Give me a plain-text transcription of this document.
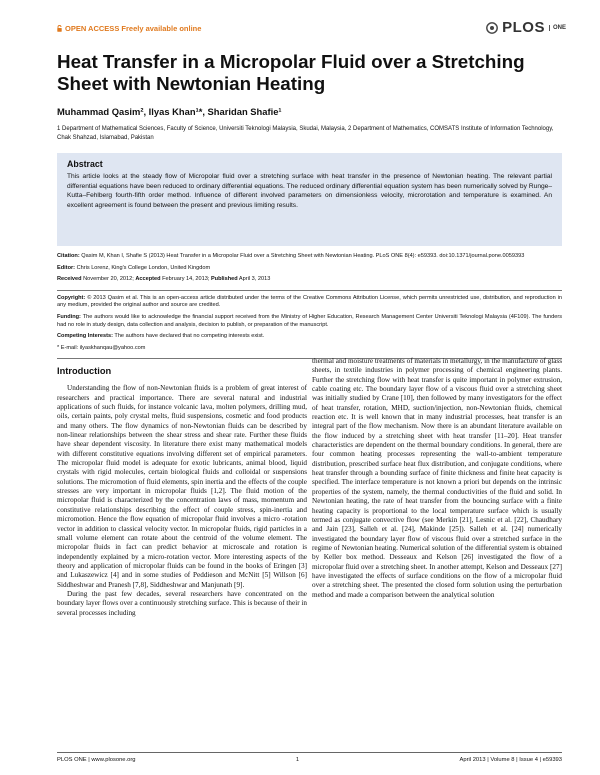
OPEN ACCESS Freely available online	PLOS	ONE
Heat Transfer in a Micropolar Fluid over a Stretching Sheet with Newtonian Heating
Muhammad Qasim², Ilyas Khan¹*, Sharidan Shafie¹
1 Department of Mathematical Sciences, Faculty of Science, Universiti Teknologi Malaysia, Skudai, Malaysia, 2 Department of Mathematics, COMSATS Institute of Information Technology, Chak Shahzad, Islamabad, Pakistan
Abstract

This article looks at the steady flow of Micropolar fluid over a stretching surface with heat transfer in the presence of Newtonian heating. The relevant partial differential equations have been reduced to ordinary differential equations. The reduced ordinary differential equation system has been numerically solved by Runge–Kutta–Fehlberg fourth-fifth order method. Influence of different involved parameters on dimensionless velocity, microrotation and temperature is examined. An excellent agreement is found between the present and previous limiting results.

Citation: Qasim M, Khan I, Shafie S (2013) Heat Transfer in a Micropolar Fluid over a Stretching Sheet with Newtonian Heating. PLoS ONE 8(4): e59393. doi:10.1371/journal.pone.0059393
Editor: Chris Lorenz, King's College London, United Kingdom
Received November 20, 2012; Accepted February 14, 2013; Published April 3, 2013
Copyright: © 2013 Qasim et al. This is an open-access article distributed under the terms of the Creative Commons Attribution License, which permits unrestricted use, distribution, and reproduction in any medium, provided the original author and source are credited.
Funding: The authors would like to acknowledge the financial support received from the Ministry of Higher Education, Research Management Center Universiti Teknologi Malaysia (4F109). The funders had no role in study design, data collection and analysis, decision to publish, or preparation of the manuscript.
Competing Interests: The authors have declared that no competing interests exist.
* E-mail: ilyaskhanqau@yahoo.com
Introduction

Understanding the flow of non-Newtonian fluids is a problem of great interest of researchers and practical importance. There are several natural and industrial applications of such fluids, for instance volcanic lava, molten polymers, drilling mud, oils, certain paints, poly crystal melts, fluid suspensions, cosmetic and food products and many others. The flow dynamics of non-Newtonian fluids can be described by non-linear relationships between the shear stress and shear rate. Further these fluids have shear dependent viscosity. In literature there exist many mathematical models with different constitutive equations involving different set of empirical parameters. The micropolar fluid model is adequate for exotic lubricants, animal blood, liquid crystals with rigid molecules, certain biological fluids and colloidal or suspensions solutions. The micromotion of fluid elements, spin inertia and the effects of the couple stresses are very important in micropolar fluids [1,2]. The fluid motion of the micropolar fluid is characterized by the concentration laws of mass, momentum and constitutive relationships describing the effect of couple stress, spin-inertia and micromotion. Hence the flow equation of micropolar fluid involves a micro -rotation vector in addition to classical velocity vector. In micropolar fluids, rigid particles in a small volume element can rotate about the centroid of the volume element. The micropolar fluids in fact can predict behavior at microscale and rotation is independently explained by a micro-rotation vector. More interesting aspects of the theory and application of micropolar fluids can be found in the books of Eringen [3] and Lukaszewicz [4] and in some studies of Peddieson and McNitt [5] Willson [6] Siddheshwar and Pranesh [7,8], Siddheshwar and Manjunath [9].

During the past few decades, several researchers have concentrated on the boundary layer flows over a continuously stretching surface. This is because of their in several processes including

thermal and moisture treatments of materials in metallurgy, in the manufacture of glass sheets, in textile industries in polymer processing of chemical engineering plants. Further the stretching flow with heat transfer is quite important in polymer extrusion, cable coating etc. The boundary layer flow of a viscous fluid over a stretching sheet was initially studied by Crane [10], then followed by many investigators for the effect of heat transfer, rotation, MHD, suction/injection, non-Newtonian fluids, chemical reaction etc. It is well known that in many industrial processes, heat transfer is an integral part of the flow mechanism. Now there is an abundant literature available on the flow induced by a stretching sheet with heat transfer [11–20]. Heat transfer characteristics are dependent on the thermal boundary conditions. In general, there are four common heating processes representing the wall-to-ambient temperature distribution, prescribed surface heat flux distribution, and conjugate conditions, where heat transfer through a bounding surface of finite thickness and finite heat capacity is specified. The interface temperature is not known a priori but depends on the intrinsic properties of the system, namely, the thermal conductivities of the fluid and solid. In Newtonian heating, the rate of heat transfer from the bouncing surface with a finite heating capacity is proportional to the local temperature surface which is usually termed as conjugate convective flow (see Merkin [21], Lesnic et al. [22], Chaudhary and Jain [23], Salleh et al. [24], Makinde [25]). Salleh et al. [24] numerically investigated the boundary layer flow of viscous fluid over a stretched surface in the regime of Newtonian heating. Numerical solution of the differential system is obtained by Keller box method. Desseaux and Kelson [26] investigated the flow of a micropolar fluid over a stretching sheet. In another attempt, Kelson and Desseaux [27] have investigated the effects of surface conditions on the flow of a micropolar fluid over a stretching sheet. The presented the closed form solution using the perturbation method and made a comparison between the analytical solution

PLOS ONE | www.plosone.org	1	April 2013 | Volume 8 | Issue 4 | e59393
